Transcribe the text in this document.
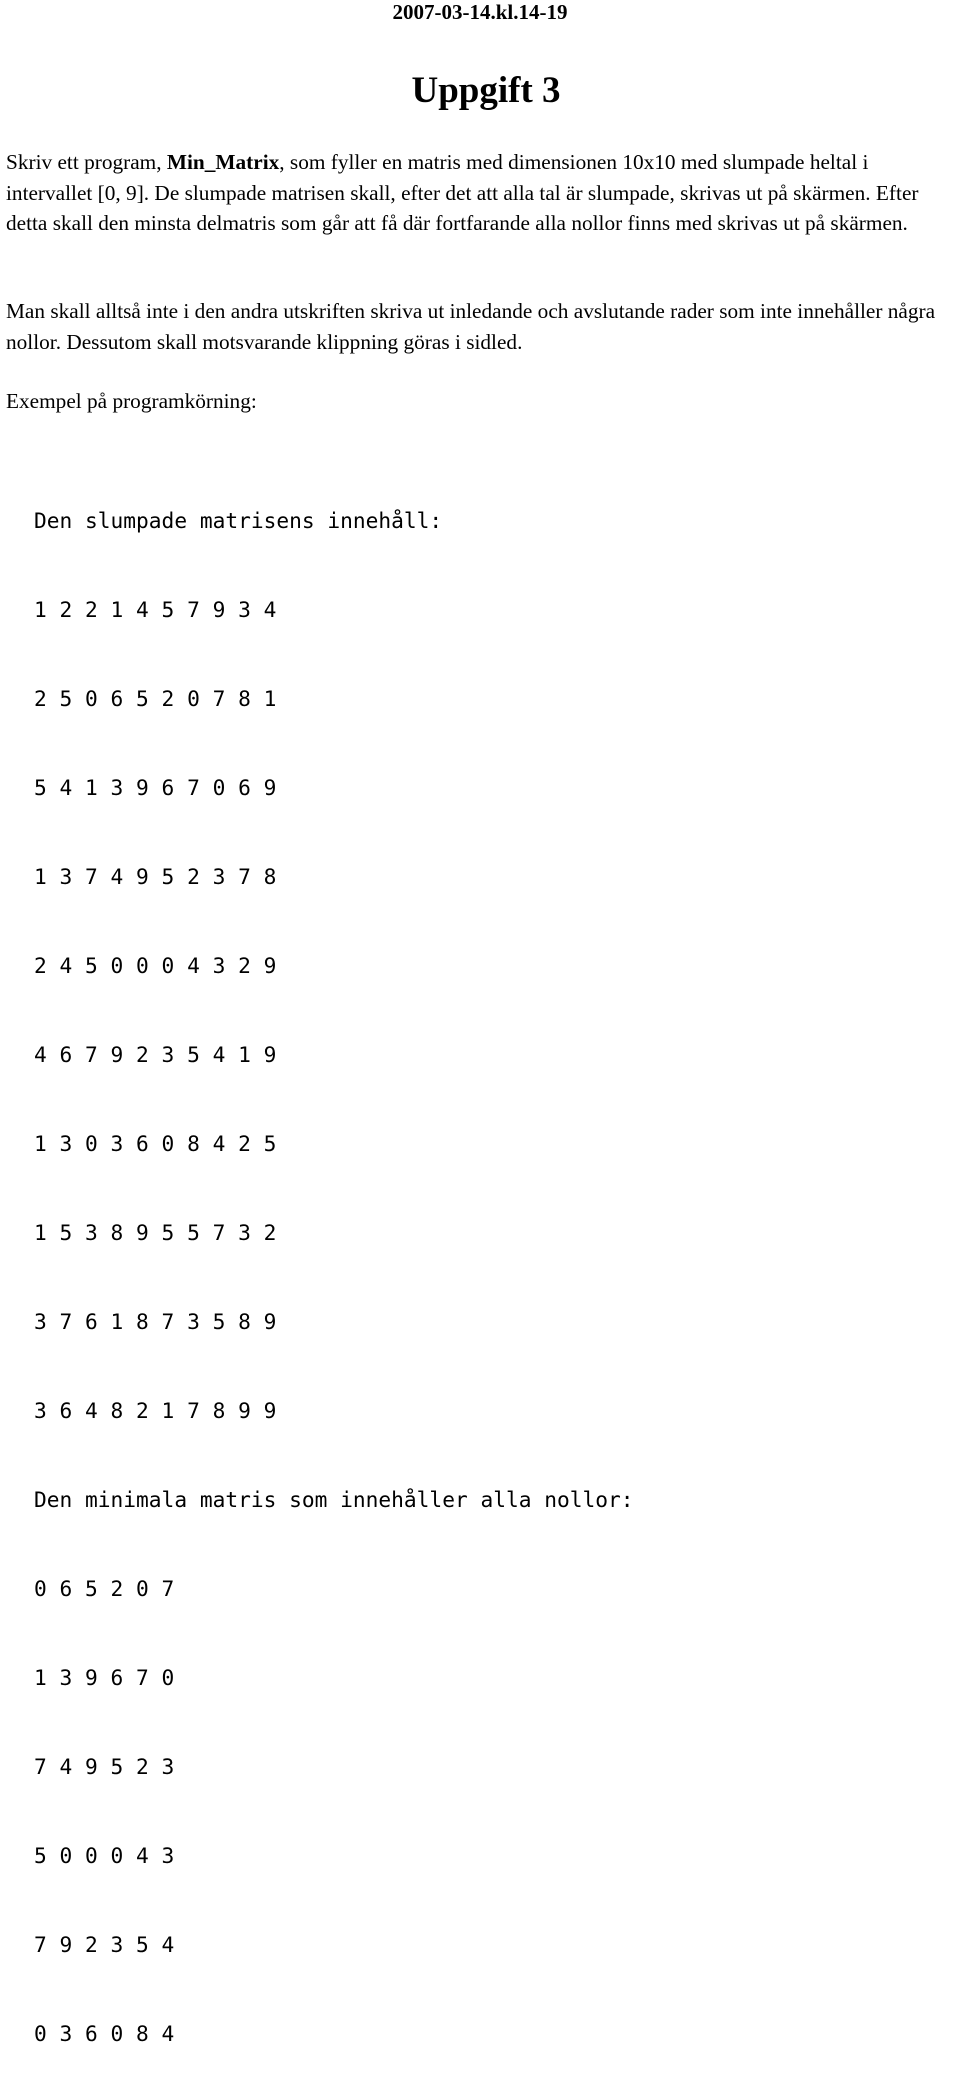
2007-03-14.kl.14-19
Uppgift 3
Skriv ett program, Min_Matrix, som fyller en matris med dimensionen 10x10 med slumpade heltal i intervallet [0, 9]. De slumpade matrisen skall, efter det att alla tal är slumpade, skrivas ut på skärmen. Efter detta skall den minsta delmatris som går att få där fortfarande alla nollor finns med skrivas ut på skärmen.
Man skall alltså inte i den andra utskriften skriva ut inledande och avslutande rader som inte innehåller några nollor. Dessutom skall motsvarande klippning göras i sidled.
Exempel på programkörning:

Den slumpade matrisens innehåll:

1 2 2 1 4 5 7 9 3 4

2 5 0 6 5 2 0 7 8 1

5 4 1 3 9 6 7 0 6 9

1 3 7 4 9 5 2 3 7 8

2 4 5 0 0 0 4 3 2 9

4 6 7 9 2 3 5 4 1 9

1 3 0 3 6 0 8 4 2 5

1 5 3 8 9 5 5 7 3 2

3 7 6 1 8 7 3 5 8 9

3 6 4 8 2 1 7 8 9 9

Den minimala matris som innehåller alla nollor:

0 6 5 2 0 7

1 3 9 6 7 0

7 4 9 5 2 3

5 0 0 0 4 3

7 9 2 3 5 4

0 3 6 0 8 4
